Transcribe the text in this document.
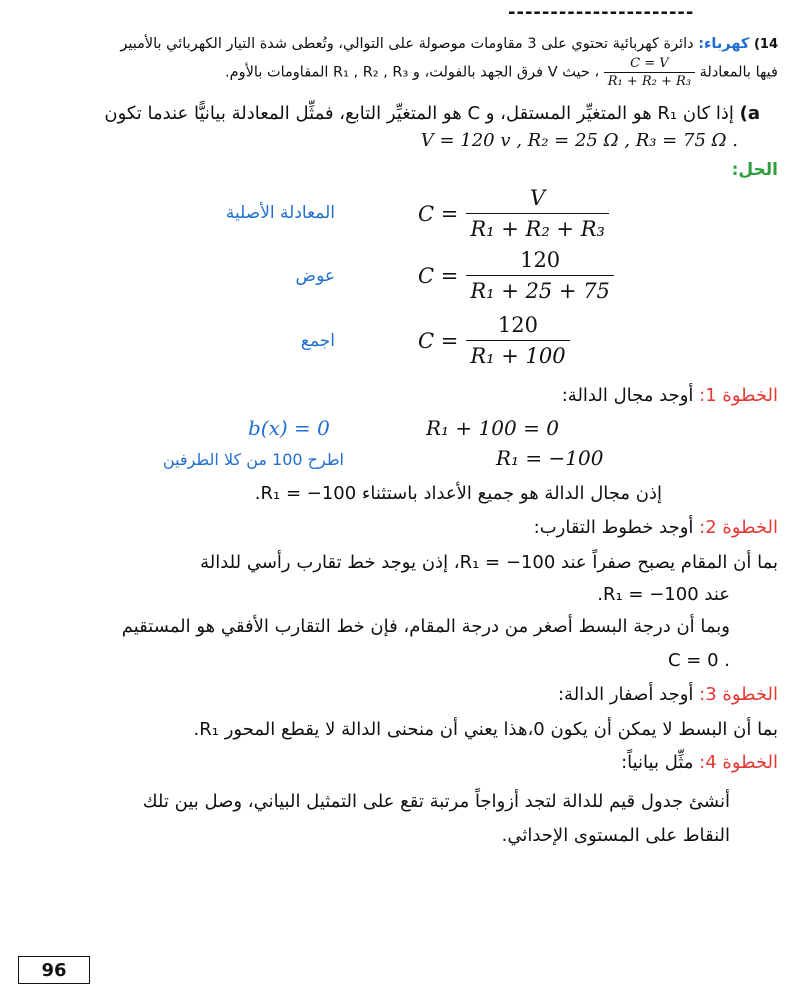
----------------------
14) كهرباء: دائرة كهربائية تحتوي على 3 مقاومات موصولة على التوالي، وتُعطى شدة التيار الكهربائي بالأمبير
فيها بالمعادلة
$\frac{C = V}{\text{R₁ + R₂ + R₃}}$
، حيث V فرق الجهد بالفولت، و R₁ , R₂ , R₃ المقاومات بالأوم.
a) إذا كان R₁ هو المتغيِّر المستقل، و C هو المتغيِّر التابع، فمثِّل المعادلة بيانيًّا عندما تكون
. V = 120 v , R₂ = 25 Ω , R₃ = 75 Ω
الحل:
المعادلة الأصلية	$C = \frac{V}{\text{R₁ + R₂ + R₃}}$
عوض	$C = \frac{120}{\text{R₁ + 25 + 75}}$
اجمع	$C = \frac{120}{\text{R₁ + 100}}$
الخطوة 1: أوجد مجال الدالة:
b(x) = 0	R₁ + 100 = 0
اطرح 100 من كلا الطرفين	R₁ = −100
إذن مجال الدالة هو جميع الأعداد باستثناء R₁ = −100.
الخطوة 2: أوجد خطوط التقارب:
بما أن المقام يصبح صفراً عند R₁ = −100، إذن يوجد خط تقارب رأسي للدالة
عند R₁ = −100.
وبما أن درجة البسط أصغر من درجة المقام، فإن خط التقارب الأفقي هو المستقيم
. C = 0
الخطوة 3: أوجد أصفار الدالة:
بما أن البسط لا يمكن أن يكون 0،هذا يعني أن منحنى الدالة لا يقطع المحور R₁.
الخطوة 4: مثِّل بيانياً:
أنشئ جدول قيم للدالة لتجد أزواجاً مرتبة تقع على التمثيل البياني، وصل بين تلك
النقاط على المستوى الإحداثي.
96
